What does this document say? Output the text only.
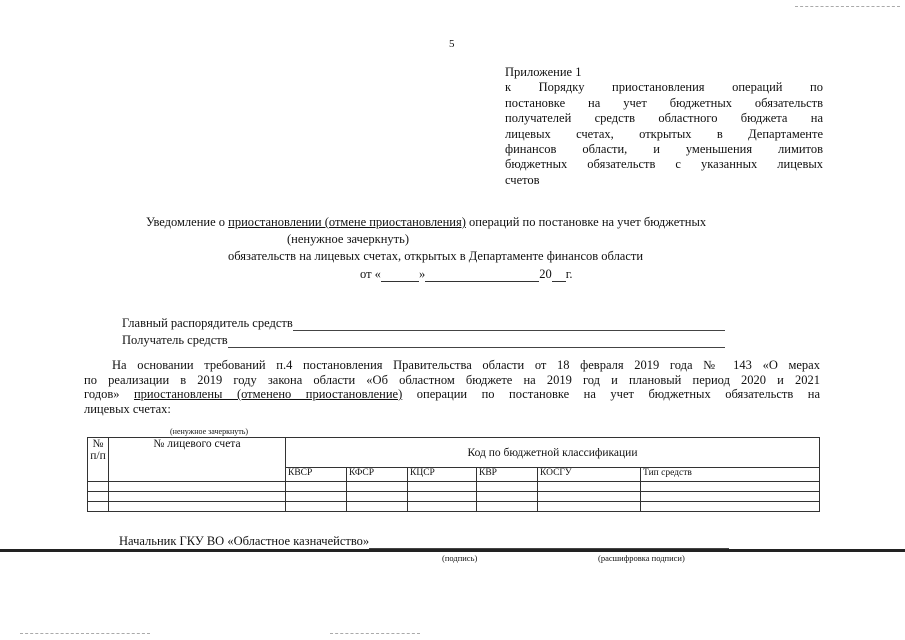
5
Приложение 1
к Порядку приостановления операций по
постановке на учет бюджетных обязательств
получателей средств областного бюджета на
лицевых счетах, открытых в Департаменте
финансов области, и уменьшения лимитов
бюджетных обязательств с указанных лицевых
счетов
Уведомление о приостановлении (отмене приостановления) операций по постановке на учет бюджетных
(ненужное зачеркнуть)
обязательств на лицевых счетах, открытых в Департаменте финансов области
от «	»	20 г.
Главный распорядитель средств
Получатель средств
На основании требований п.4 постановления Правительства области от 18 февраля 2019 года № 143 «О мерах
по реализации в 2019 году закона области «Об областном бюджете на 2019 год и плановый период 2020 и 2021
годов» приостановлены (отменено приостановление) операции по постановке на учет бюджетных обязательств на
лицевых счетах:
(ненужное зачеркнуть)
№ п/п	№ лицевого счета	Код по бюджетной классификации					
		КВСР	КФСР	КЦСР	КВР	КОСГУ	Тип средств

Начальник ГКУ ВО «Областное казначейство»
(подпись)	(расшифровка подписи)
